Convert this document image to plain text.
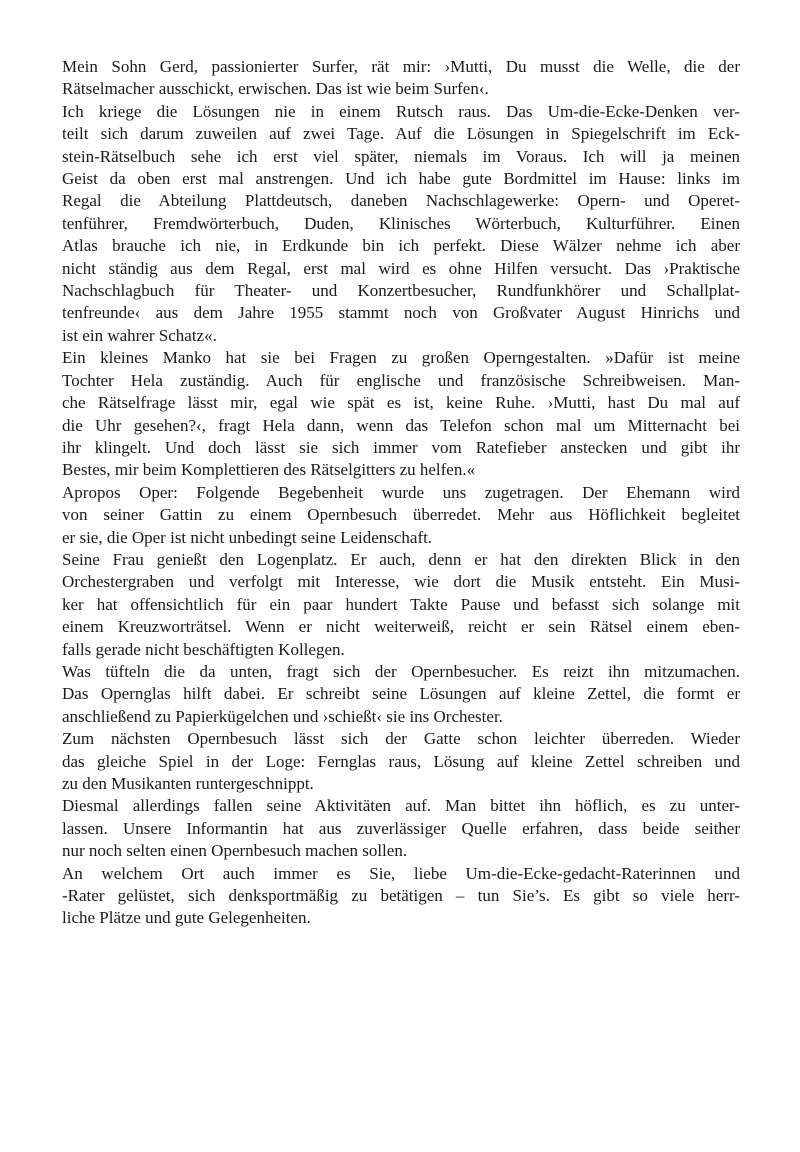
Mein Sohn Gerd, passionierter Surfer, rät mir: ›Mutti, Du musst die Welle, die der
Rätselmacher ausschickt, erwischen. Das ist wie beim Surfen‹.
Ich kriege die Lösungen nie in einem Rutsch raus. Das Um-die-Ecke-Denken ver-
teilt sich darum zuweilen auf zwei Tage. Auf die Lösungen in Spiegelschrift im Eck-
stein-Rätselbuch sehe ich erst viel später, niemals im Voraus. Ich will ja meinen
Geist da oben erst mal anstrengen. Und ich habe gute Bordmittel im Hause: links im
Regal die Abteilung Plattdeutsch, daneben Nachschlagewerke: Opern- und Operet-
tenführer, Fremdwörterbuch, Duden, Klinisches Wörterbuch, Kulturführer. Einen
Atlas brauche ich nie, in Erdkunde bin ich perfekt. Diese Wälzer nehme ich aber
nicht ständig aus dem Regal, erst mal wird es ohne Hilfen versucht. Das ›Praktische
Nachschlagbuch für Theater- und Konzertbesucher, Rundfunkhörer und Schallplat-
tenfreunde‹ aus dem Jahre 1955 stammt noch von Großvater August Hinrichs und
ist ein wahrer Schatz«.
Ein kleines Manko hat sie bei Fragen zu großen Operngestalten. »Dafür ist meine
Tochter Hela zuständig. Auch für englische und französische Schreibweisen. Man-
che Rätselfrage lässt mir, egal wie spät es ist, keine Ruhe. ›Mutti, hast Du mal auf
die Uhr gesehen?‹, fragt Hela dann, wenn das Telefon schon mal um Mitternacht bei
ihr klingelt. Und doch lässt sie sich immer vom Ratefieber anstecken und gibt ihr
Bestes, mir beim Komplettieren des Rätselgitters zu helfen.«
Apropos Oper: Folgende Begebenheit wurde uns zugetragen. Der Ehemann wird
von seiner Gattin zu einem Opernbesuch überredet. Mehr aus Höflichkeit begleitet
er sie, die Oper ist nicht unbedingt seine Leidenschaft.
Seine Frau genießt den Logenplatz. Er auch, denn er hat den direkten Blick in den
Orchestergraben und verfolgt mit Interesse, wie dort die Musik entsteht. Ein Musi-
ker hat offensichtlich für ein paar hundert Takte Pause und befasst sich solange mit
einem Kreuzworträtsel. Wenn er nicht weiterweiß, reicht er sein Rätsel einem eben-
falls gerade nicht beschäftigten Kollegen.
Was tüfteln die da unten, fragt sich der Opernbesucher. Es reizt ihn mitzumachen.
Das Opernglas hilft dabei. Er schreibt seine Lösungen auf kleine Zettel, die formt er
anschließend zu Papierkügelchen und ›schießt‹ sie ins Orchester.
Zum nächsten Opernbesuch lässt sich der Gatte schon leichter überreden. Wieder
das gleiche Spiel in der Loge: Fernglas raus, Lösung auf kleine Zettel schreiben und
zu den Musikanten runtergeschnippt.
Diesmal allerdings fallen seine Aktivitäten auf. Man bittet ihn höflich, es zu unter-
lassen. Unsere Informantin hat aus zuverlässiger Quelle erfahren, dass beide seither
nur noch selten einen Opernbesuch machen sollen.
An welchem Ort auch immer es Sie, liebe Um-die-Ecke-gedacht-Raterinnen und
-Rater gelüstet, sich denksportmäßig zu betätigen – tun Sie’s. Es gibt so viele herr-
liche Plätze und gute Gelegenheiten.
